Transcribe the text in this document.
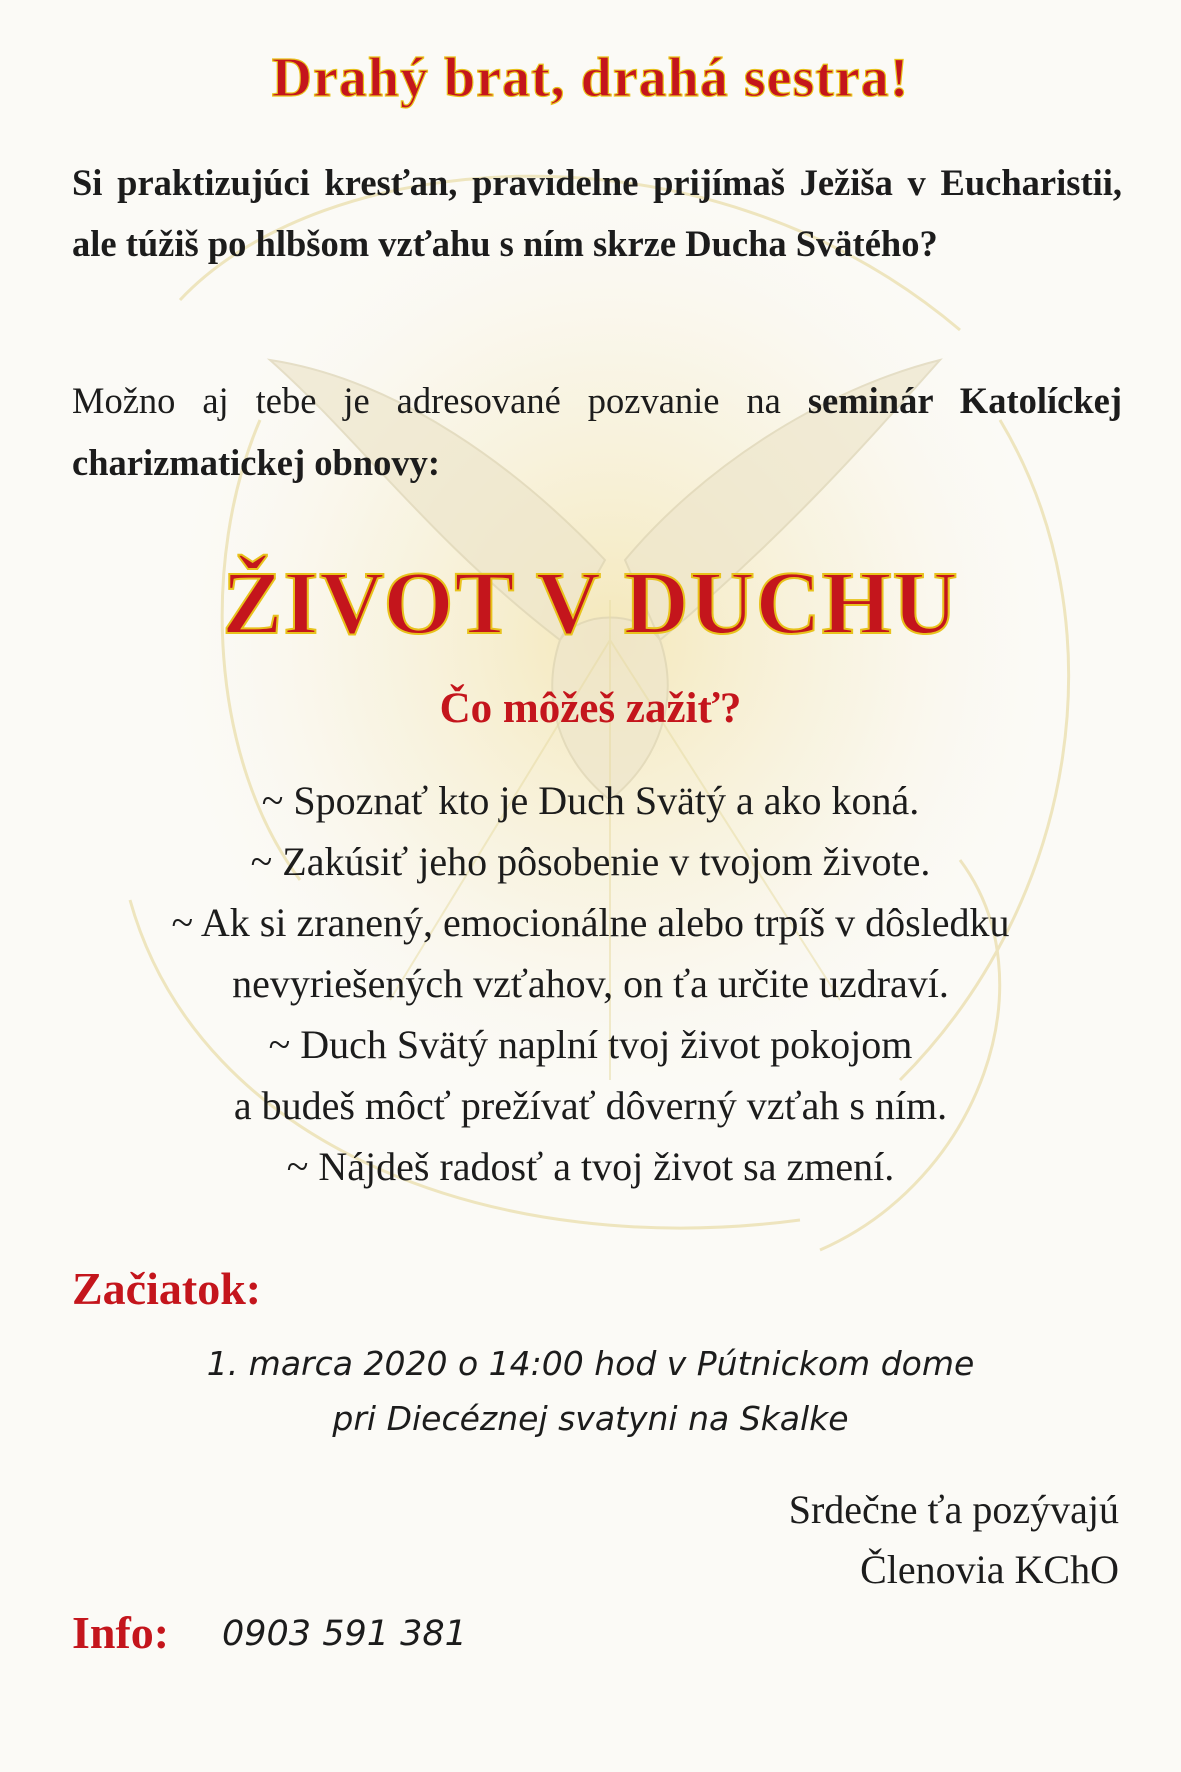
Drahý brat, drahá sestra!
Si praktizujúci kresťan, pravidelne prijímaš Ježiša v Eucharistii, ale túžiš po hlbšom vzťahu s ním skrze Ducha Svätého?
Možno aj tebe je adresované pozvanie na seminár Katolíckej charizmatickej obnovy:
ŽIVOT V DUCHU
Čo môžeš zažiť?
~ Spoznať kto je Duch Svätý a ako koná.
~ Zakúsiť jeho pôsobenie v tvojom živote.
~ Ak si zranený, emocionálne alebo trpíš v dôsledku
nevyriešených vzťahov, on ťa určite uzdraví.
~ Duch Svätý naplní tvoj život pokojom
a budeš môcť prežívať dôverný vzťah s ním.
~ Nájdeš radosť a tvoj život sa zmení.
Začiatok:
1. marca 2020 o 14:00 hod v Pútnickom dome
pri Diecéznej svatyni na Skalke
Srdečne ťa pozývajú
Členovia KChO
Info: 0903 591 381
